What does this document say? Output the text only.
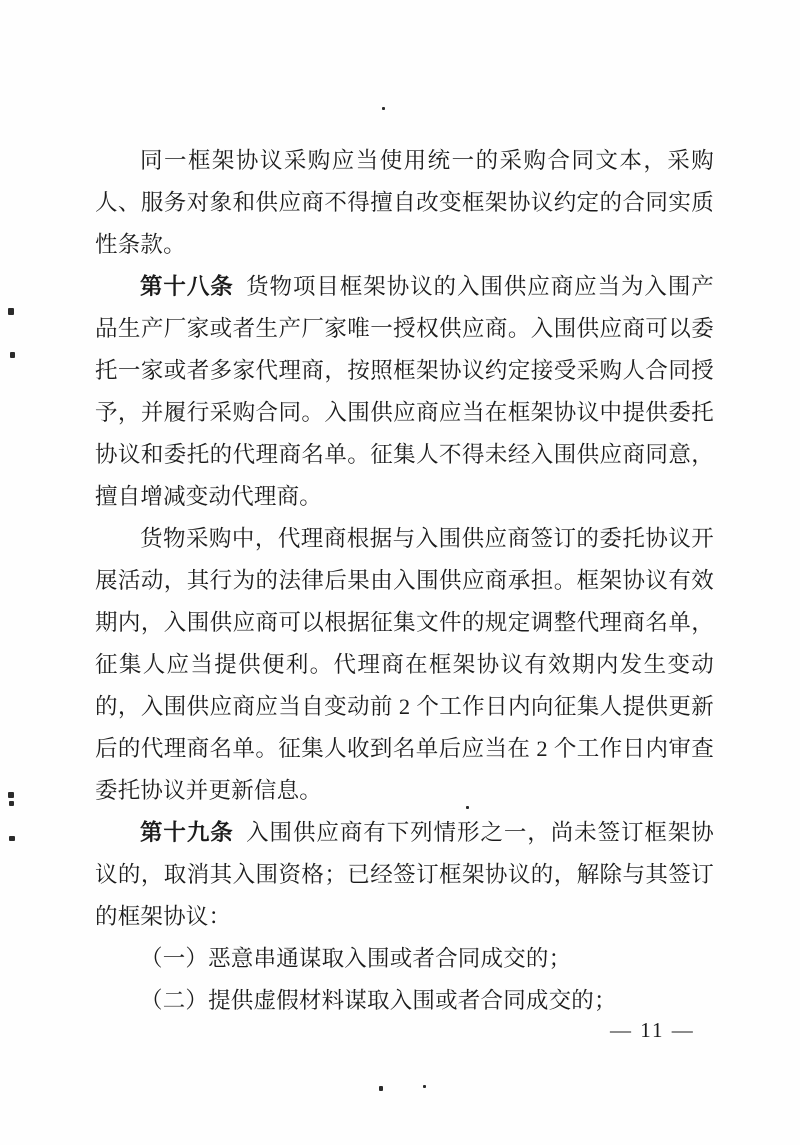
同一框架协议采购应当使用统一的采购合同文本，采购人、服务对象和供应商不得擅自改变框架协议约定的合同实质性条款。

第十八条 货物项目框架协议的入围供应商应当为入围产品生产厂家或者生产厂家唯一授权供应商。入围供应商可以委托一家或者多家代理商，按照框架协议约定接受采购人合同授予，并履行采购合同。入围供应商应当在框架协议中提供委托协议和委托的代理商名单。征集人不得未经入围供应商同意，擅自增减变动代理商。

货物采购中，代理商根据与入围供应商签订的委托协议开展活动，其行为的法律后果由入围供应商承担。框架协议有效期内，入围供应商可以根据征集文件的规定调整代理商名单，征集人应当提供便利。代理商在框架协议有效期内发生变动的，入围供应商应当自变动前 2 个工作日内向征集人提供更新后的代理商名单。征集人收到名单后应当在 2 个工作日内审查委托协议并更新信息。

第十九条 入围供应商有下列情形之一，尚未签订框架协议的，取消其入围资格；已经签订框架协议的，解除与其签订的框架协议：

（一）恶意串通谋取入围或者合同成交的；

（二）提供虚假材料谋取入围或者合同成交的；

— 11 —
